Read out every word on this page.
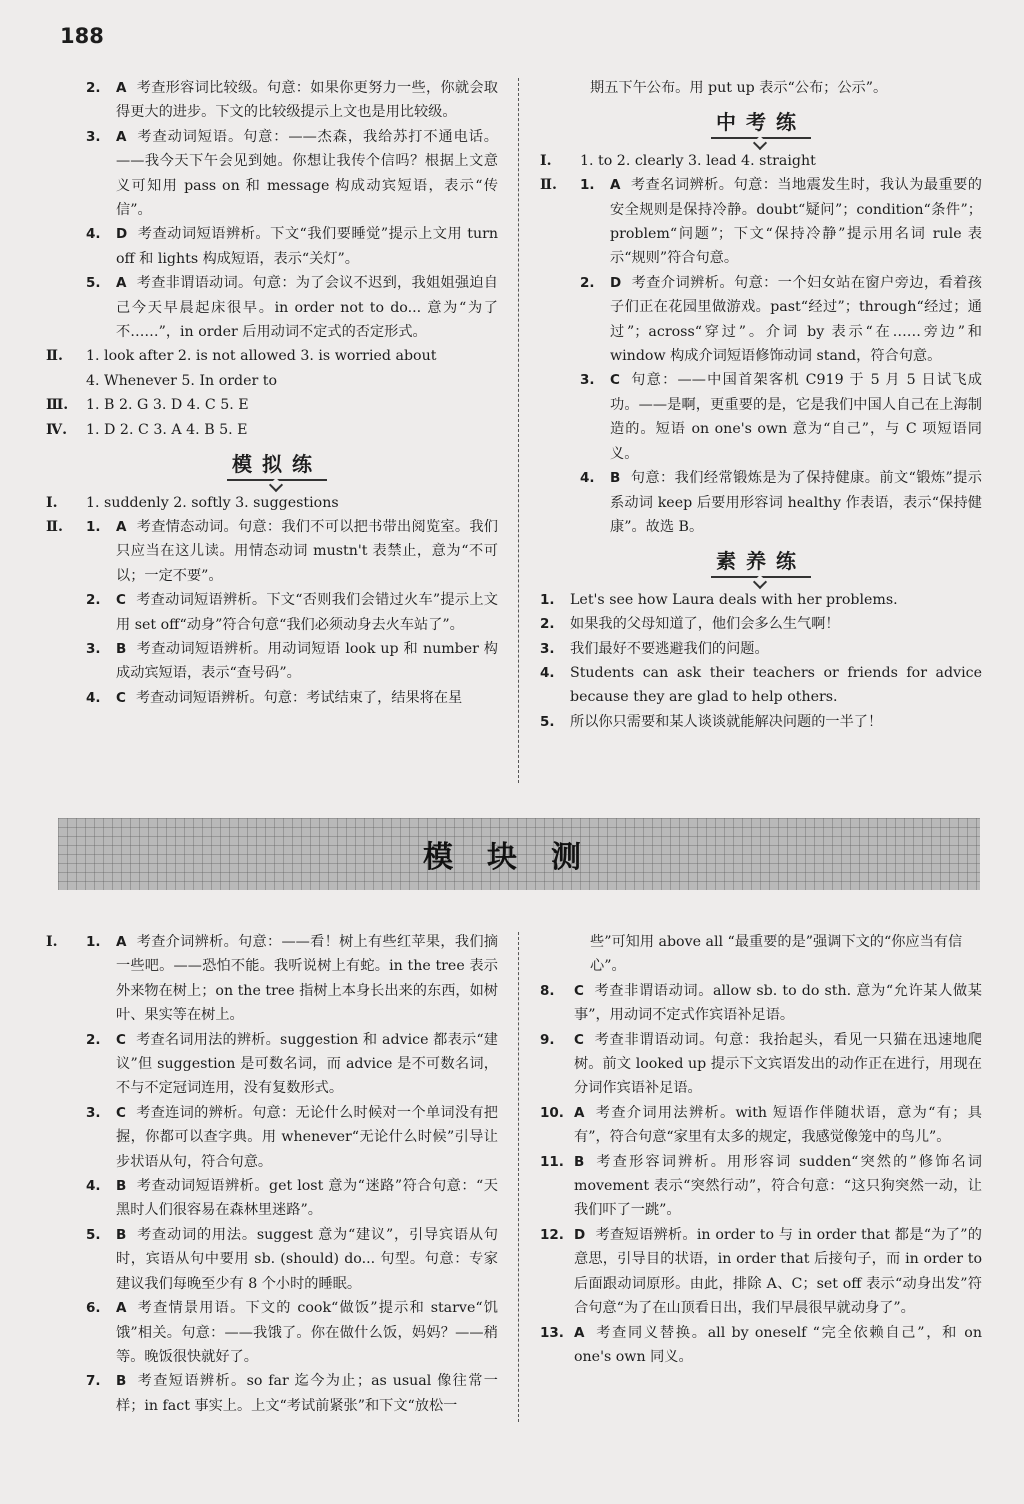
188
2.	A 考查形容词比较级。句意：如果你更努力一些，你就会取得更大的进步。下文的比较级提示上文也是用比较级。
3.	A 考查动词短语。句意：——杰森，我给苏打不通电话。——我今天下午会见到她。你想让我传个信吗？根据上文意义可知用 pass on 和 message 构成动宾短语，表示“传信”。
4.	D 考查动词短语辨析。下文“我们要睡觉”提示上文用 turn off 和 lights 构成短语，表示“关灯”。
5.	A 考查非谓语动词。句意：为了会议不迟到，我姐姐强迫自己今天早晨起床很早。in order not to do... 意为“为了不……”，in order 后用动词不定式的否定形式。
Ⅱ.	1. look after 2. is not allowed 3. is worried about
4. Whenever 5. In order to
Ⅲ.	1. B 2. G 3. D 4. C 5. E
Ⅳ.	1. D 2. C 3. A 4. B 5. E
模拟练
Ⅰ.	1. suddenly 2. softly 3. suggestions
Ⅱ.	1.	A 考查情态动词。句意：我们不可以把书带出阅览室。我们只应当在这儿读。用情态动词 mustn't 表禁止，意为“不可以；一定不要”。
2.	C 考查动词短语辨析。下文“否则我们会错过火车”提示上文用 set off“动身”符合句意“我们必须动身去火车站了”。
3.	B 考查动词短语辨析。用动词短语 look up 和 number 构成动宾短语，表示“查号码”。
4.	C 考查动词短语辨析。句意：考试结束了，结果将在星
期五下午公布。用 put up 表示“公布；公示”。
中考练
Ⅰ.	1. to 2. clearly 3. lead 4. straight
Ⅱ.	1.	A 考查名词辨析。句意：当地震发生时，我认为最重要的安全规则是保持冷静。doubt“疑问”；condition“条件”；problem“问题”；下文“保持冷静”提示用名词 rule 表示“规则”符合句意。
2.	D 考查介词辨析。句意：一个妇女站在窗户旁边，看着孩子们正在花园里做游戏。past“经过”；through“经过；通过”；across“穿过”。介词 by 表示“在……旁边”和 window 构成介词短语修饰动词 stand，符合句意。
3.	C 句意：——中国首架客机 C919 于 5 月 5 日试飞成功。——是啊，更重要的是，它是我们中国人自己在上海制造的。短语 on one's own 意为“自己”，与 C 项短语同义。
4.	B 句意：我们经常锻炼是为了保持健康。前文“锻炼”提示系动词 keep 后要用形容词 healthy 作表语，表示“保持健康”。故选 B。
素养练
1.	Let's see how Laura deals with her problems.
2.	如果我的父母知道了，他们会多么生气啊！
3.	我们最好不要逃避我们的问题。
4.	Students can ask their teachers or friends for advice because they are glad to help others.
5.	所以你只需要和某人谈谈就能解决问题的一半了！
模块测
Ⅰ.	1.	A 考查介词辨析。句意：——看！树上有些红苹果，我们摘一些吧。——恐怕不能。我听说树上有蛇。in the tree 表示外来物在树上；on the tree 指树上本身长出来的东西，如树叶、果实等在树上。
2.	C 考查名词用法的辨析。suggestion 和 advice 都表示“建议”但 suggestion 是可数名词，而 advice 是不可数名词，不与不定冠词连用，没有复数形式。
3.	C 考查连词的辨析。句意：无论什么时候对一个单词没有把握，你都可以查字典。用 whenever“无论什么时候”引导让步状语从句，符合句意。
4.	B 考查动词短语辨析。get lost 意为“迷路”符合句意：“天黑时人们很容易在森林里迷路”。
5.	B 考查动词的用法。suggest 意为“建议”，引导宾语从句时，宾语从句中要用 sb. (should) do... 句型。句意：专家建议我们每晚至少有 8 个小时的睡眠。
6.	A 考查情景用语。下文的 cook“做饭”提示和 starve“饥饿”相关。句意：——我饿了。你在做什么饭，妈妈？——稍等。晚饭很快就好了。
7.	B 考查短语辨析。so far 迄今为止；as usual 像往常一样；in fact 事实上。上文“考试前紧张”和下文“放松一
些”可知用 above all “最重要的是”强调下文的“你应当有信心”。
8.	C 考查非谓语动词。allow sb. to do sth. 意为“允许某人做某事”，用动词不定式作宾语补足语。
9.	C 考查非谓语动词。句意：我抬起头，看见一只猫在迅速地爬树。前文 looked up 提示下文宾语发出的动作正在进行，用现在分词作宾语补足语。
10. A 考查介词用法辨析。with 短语作伴随状语，意为“有；具有”，符合句意“家里有太多的规定，我感觉像笼中的鸟儿”。
11. B 考查形容词辨析。用形容词 sudden“突然的”修饰名词 movement 表示“突然行动”，符合句意：“这只狗突然一动，让我们吓了一跳”。
12. D 考查短语辨析。in order to 与 in order that 都是“为了”的意思，引导目的状语，in order that 后接句子，而 in order to 后面跟动词原形。由此，排除 A、C；set off 表示“动身出发”符合句意“为了在山顶看日出，我们早晨很早就动身了”。
13. A 考查同义替换。all by oneself “完全依赖自己”，和 on one's own 同义。
